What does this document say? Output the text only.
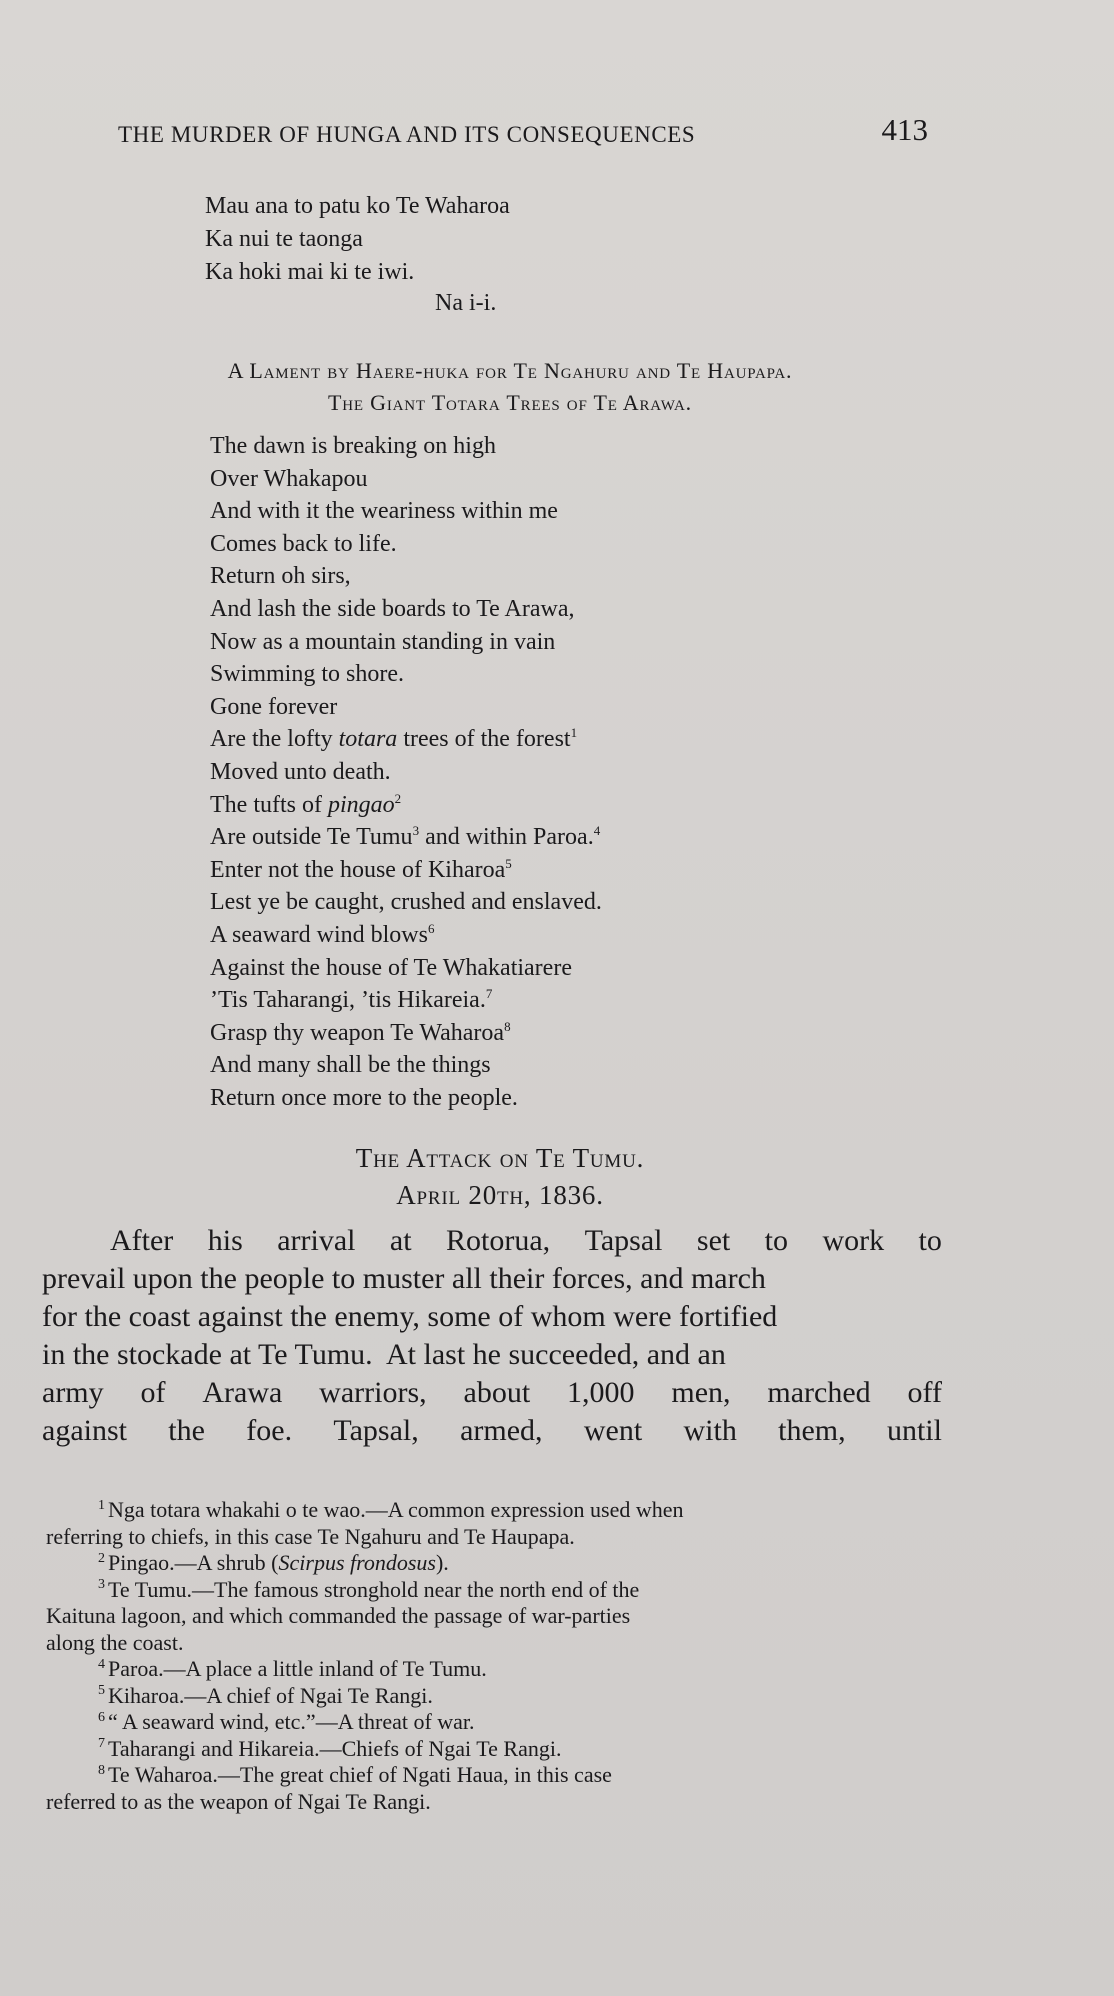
THE MURDER OF HUNGA AND ITS CONSEQUENCES	413
Mau ana to patu ko Te Waharoa
Ka nui te taonga
Ka hoki mai ki te iwi.
Na i-i.
A Lament by Haere-huka for Te Ngahuru and Te Haupapa.
The Giant Totara Trees of Te Arawa.
The dawn is breaking on high
Over Whakapou
And with it the weariness within me
Comes back to life.
Return oh sirs,
And lash the side boards to Te Arawa,
Now as a mountain standing in vain
Swimming to shore.
Gone forever
Are the lofty totara trees of the forest$^1$
Moved unto death.
The tufts of pingao$^2$
Are outside Te Tumu$^3$ and within Paroa.$^4$
Enter not the house of Kiharoa$^5$
Lest ye be caught, crushed and enslaved.
A seaward wind blows$^6$
Against the house of Te Whakatiarere
’Tis Taharangi, ’tis Hikareia.$^7$
Grasp thy weapon Te Waharoa$^8$
And many shall be the things
Return once more to the people.
The Attack on Te Tumu.
April 20th, 1836.
After his arrival at Rotorua, Tapsal set to work to
prevail upon the people to muster all their forces, and march
for the coast against the enemy, some of whom were fortified
in the stockade at Te Tumu.  At last he succeeded, and an
army of Arawa warriors, about 1,000 men, marched off
against the foe. Tapsal, armed, went with them, until
$^1$ Nga totara whakahi o te wao.—A common expression used when
referring to chiefs, in this case Te Ngahuru and Te Haupapa.
$^2$ Pingao.—A shrub (Scirpus frondosus).
$^3$ Te Tumu.—The famous stronghold near the north end of the
Kaituna lagoon, and which commanded the passage of war-parties
along the coast.
$^4$ Paroa.—A place a little inland of Te Tumu.
$^5$ Kiharoa.—A chief of Ngai Te Rangi.
$^6$ “ A seaward wind, etc.”—A threat of war.
$^7$ Taharangi and Hikareia.—Chiefs of Ngai Te Rangi.
$^8$ Te Waharoa.—The great chief of Ngati Haua, in this case
referred to as the weapon of Ngai Te Rangi.
